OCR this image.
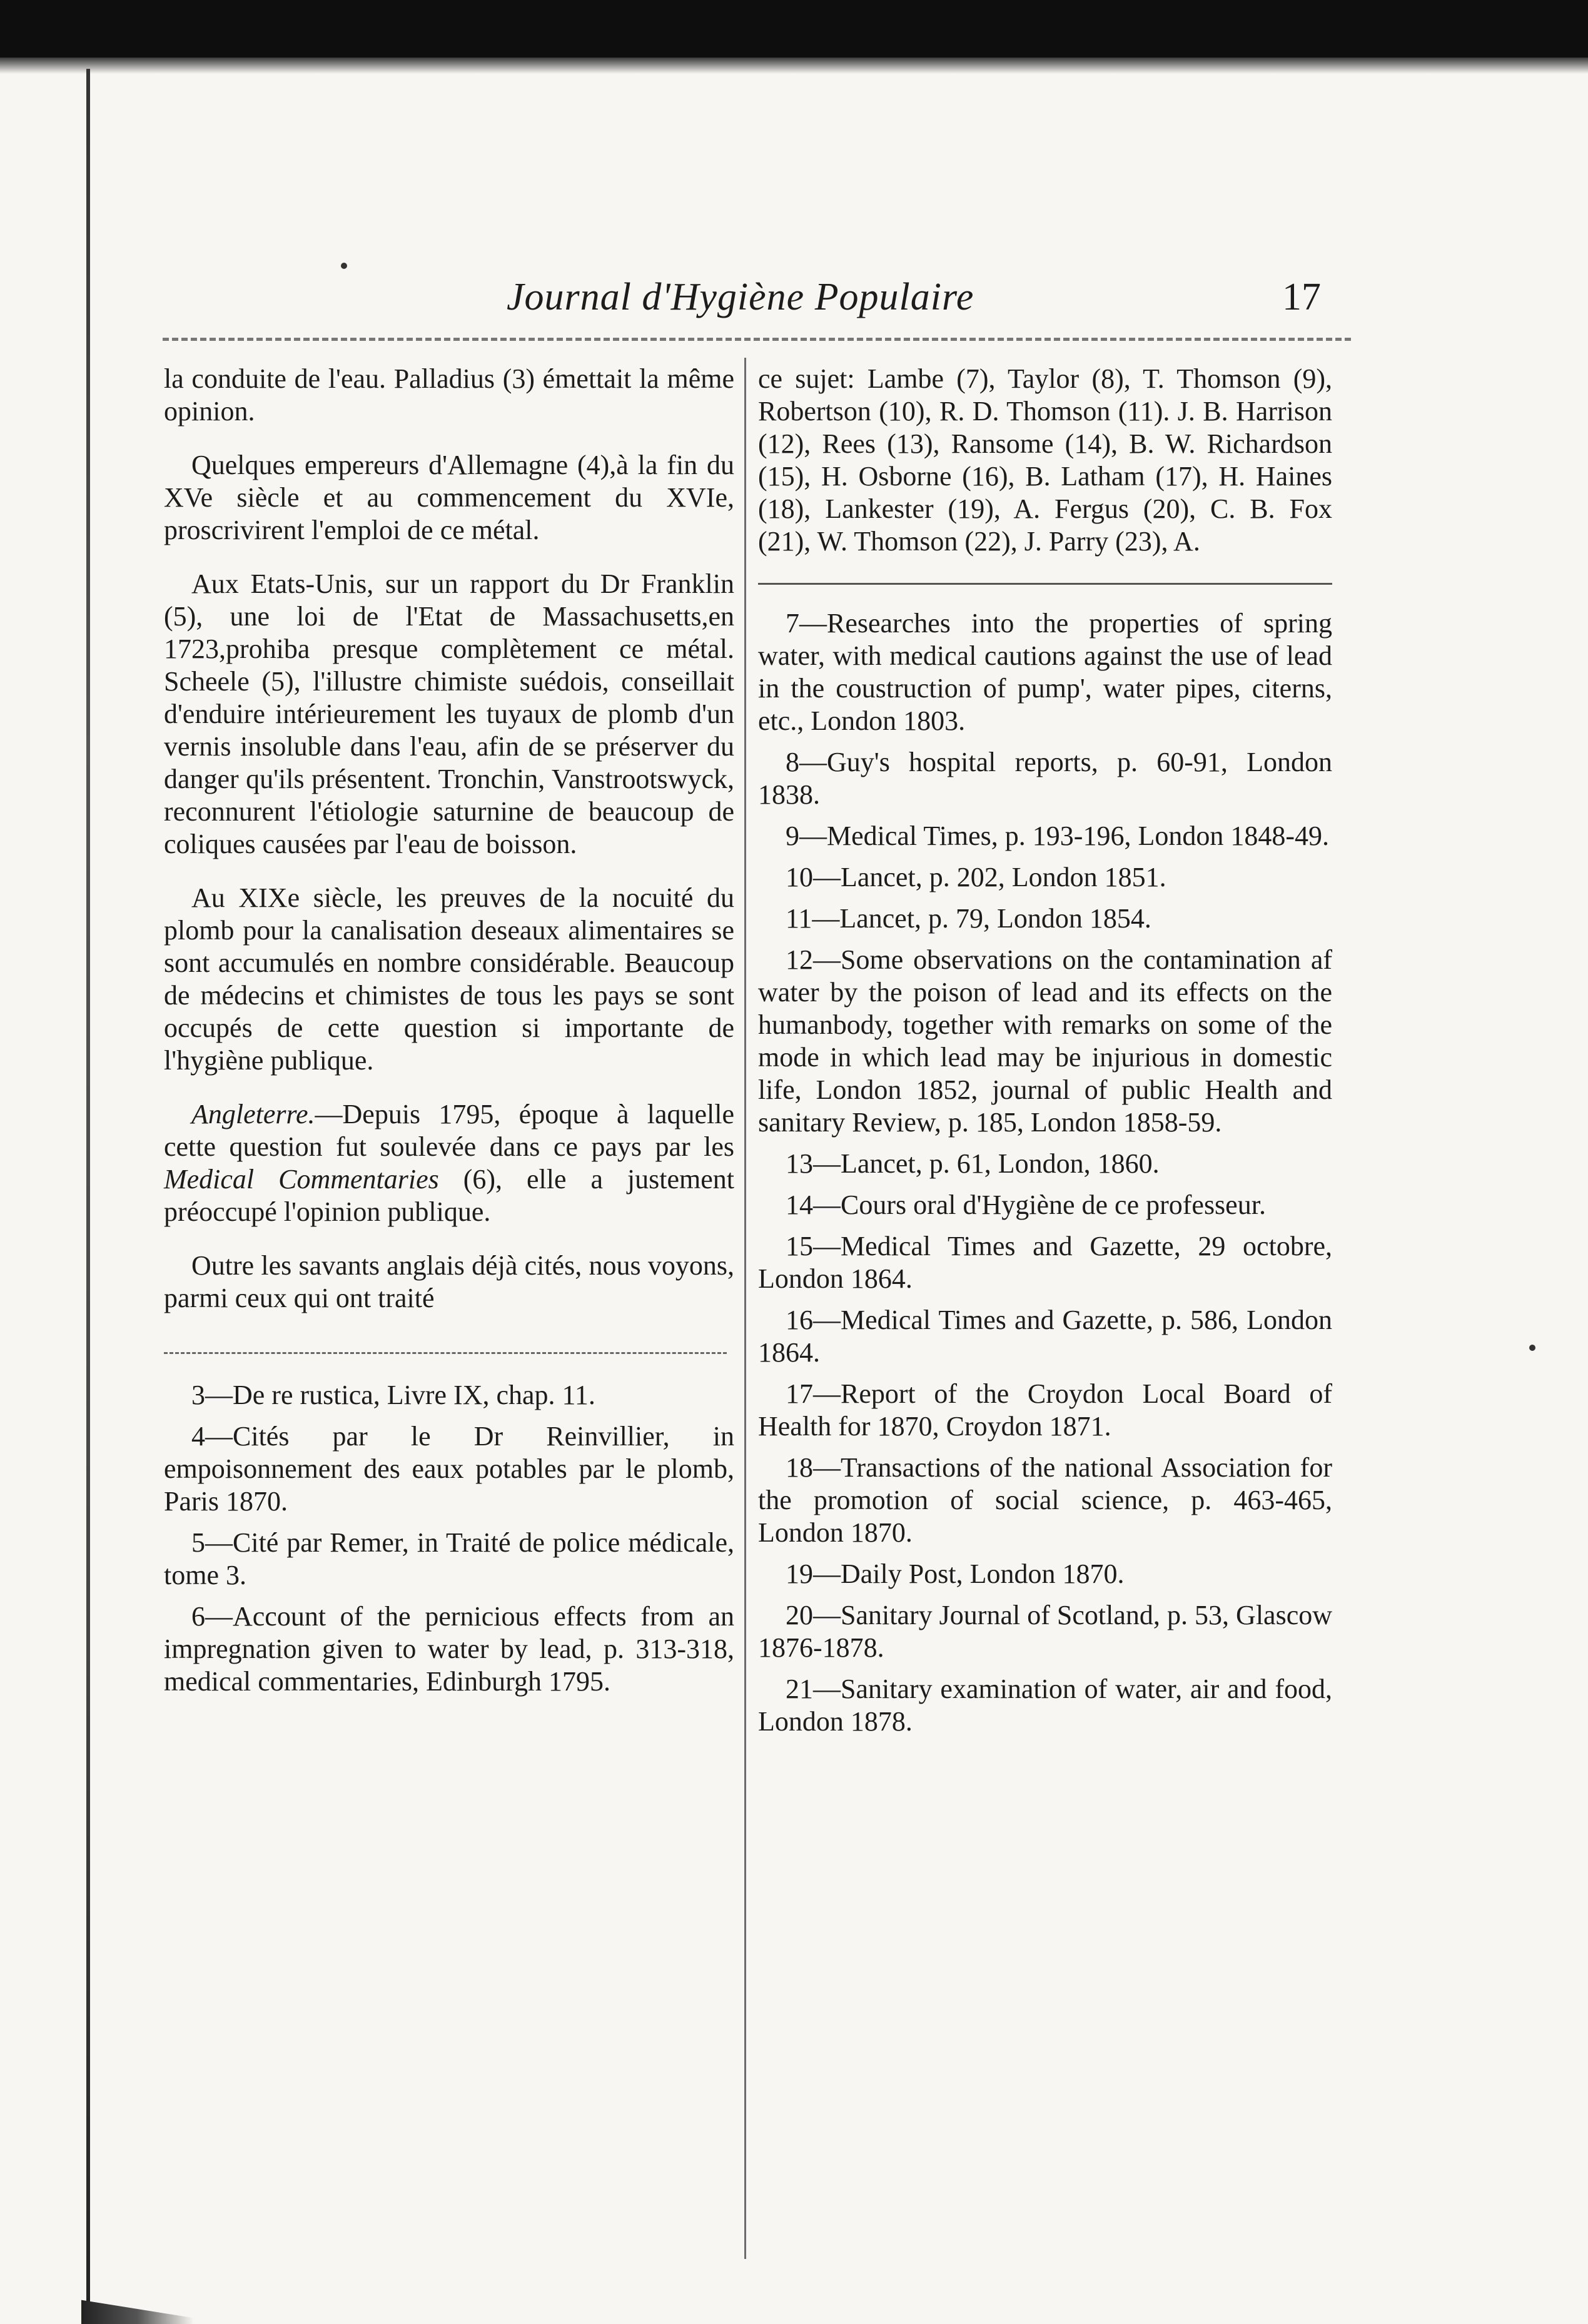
Journal d'Hygiène Populaire	17

la conduite de l'eau. Palladius (3) émettait la même opinion.

Quelques empereurs d'Allemagne (4),à la fin du XVe siècle et au commencement du XVIe, proscrivirent l'emploi de ce métal.

Aux Etats-Unis, sur un rapport du Dr Franklin (5), une loi de l'Etat de Massachusetts,en 1723,prohiba presque complètement ce métal. Scheele (5), l'illustre chimiste suédois, conseillait d'enduire intérieurement les tuyaux de plomb d'un vernis insoluble dans l'eau, afin de se préserver du danger qu'ils présentent. Tronchin, Vanstrootswyck, reconnurent l'étiologie saturnine de beaucoup de coliques causées par l'eau de boisson.

Au XIXe siècle, les preuves de la nocuité du plomb pour la canalisation deseaux alimentaires se sont accumulés en nombre considérable. Beaucoup de médecins et chimistes de tous les pays se sont occupés de cette question si importante de l'hygiène publique.

Angleterre.—Depuis 1795, époque à laquelle cette question fut soulevée dans ce pays par les Medical Commentaries (6), elle a justement préoccupé l'opinion publique.

Outre les savants anglais déjà cités, nous voyons, parmi ceux qui ont traité

3—De re rustica, Livre IX, chap. 11.

4—Cités par le Dr Reinvillier, in empoisonnement des eaux potables par le plomb, Paris 1870.

5—Cité par Remer, in Traité de police médicale, tome 3.

6—Account of the pernicious effects from an impregnation given to water by lead, p. 313-318, medical commentaries, Edinburgh 1795.

ce sujet: Lambe (7), Taylor (8), T. Thomson (9), Robertson (10), R. D. Thomson (11). J. B. Harrison (12), Rees (13), Ransome (14), B. W. Richardson (15), H. Osborne (16), B. Latham (17), H. Haines (18), Lankester (19), A. Fergus (20), C. B. Fox (21), W. Thomson (22), J. Parry (23), A.

7—Researches into the properties of spring water, with medical cautions against the use of lead in the coustruction of pump', water pipes, citerns, etc., London 1803.

8—Guy's hospital reports, p. 60-91, London 1838.

9—Medical Times, p. 193-196, London 1848-49.

10—Lancet, p. 202, London 1851.

11—Lancet, p. 79, London 1854.

12—Some observations on the contamination af water by the poison of lead and its effects on the humanbody, together with remarks on some of the mode in which lead may be injurious in domestic life, London 1852, journal of public Health and sanitary Review, p. 185, London 1858-59.

13—Lancet, p. 61, London, 1860.

14—Cours oral d'Hygiène de ce professeur.

15—Medical Times and Gazette, 29 octobre, London 1864.

16—Medical Times and Gazette, p. 586, London 1864.

17—Report of the Croydon Local Board of Health for 1870, Croydon 1871.

18—Transactions of the national Association for the promotion of social science, p. 463-465, London 1870.

19—Daily Post, London 1870.

20—Sanitary Journal of Scotland, p. 53, Glascow 1876-1878.

21—Sanitary examination of water, air and food, London 1878.
